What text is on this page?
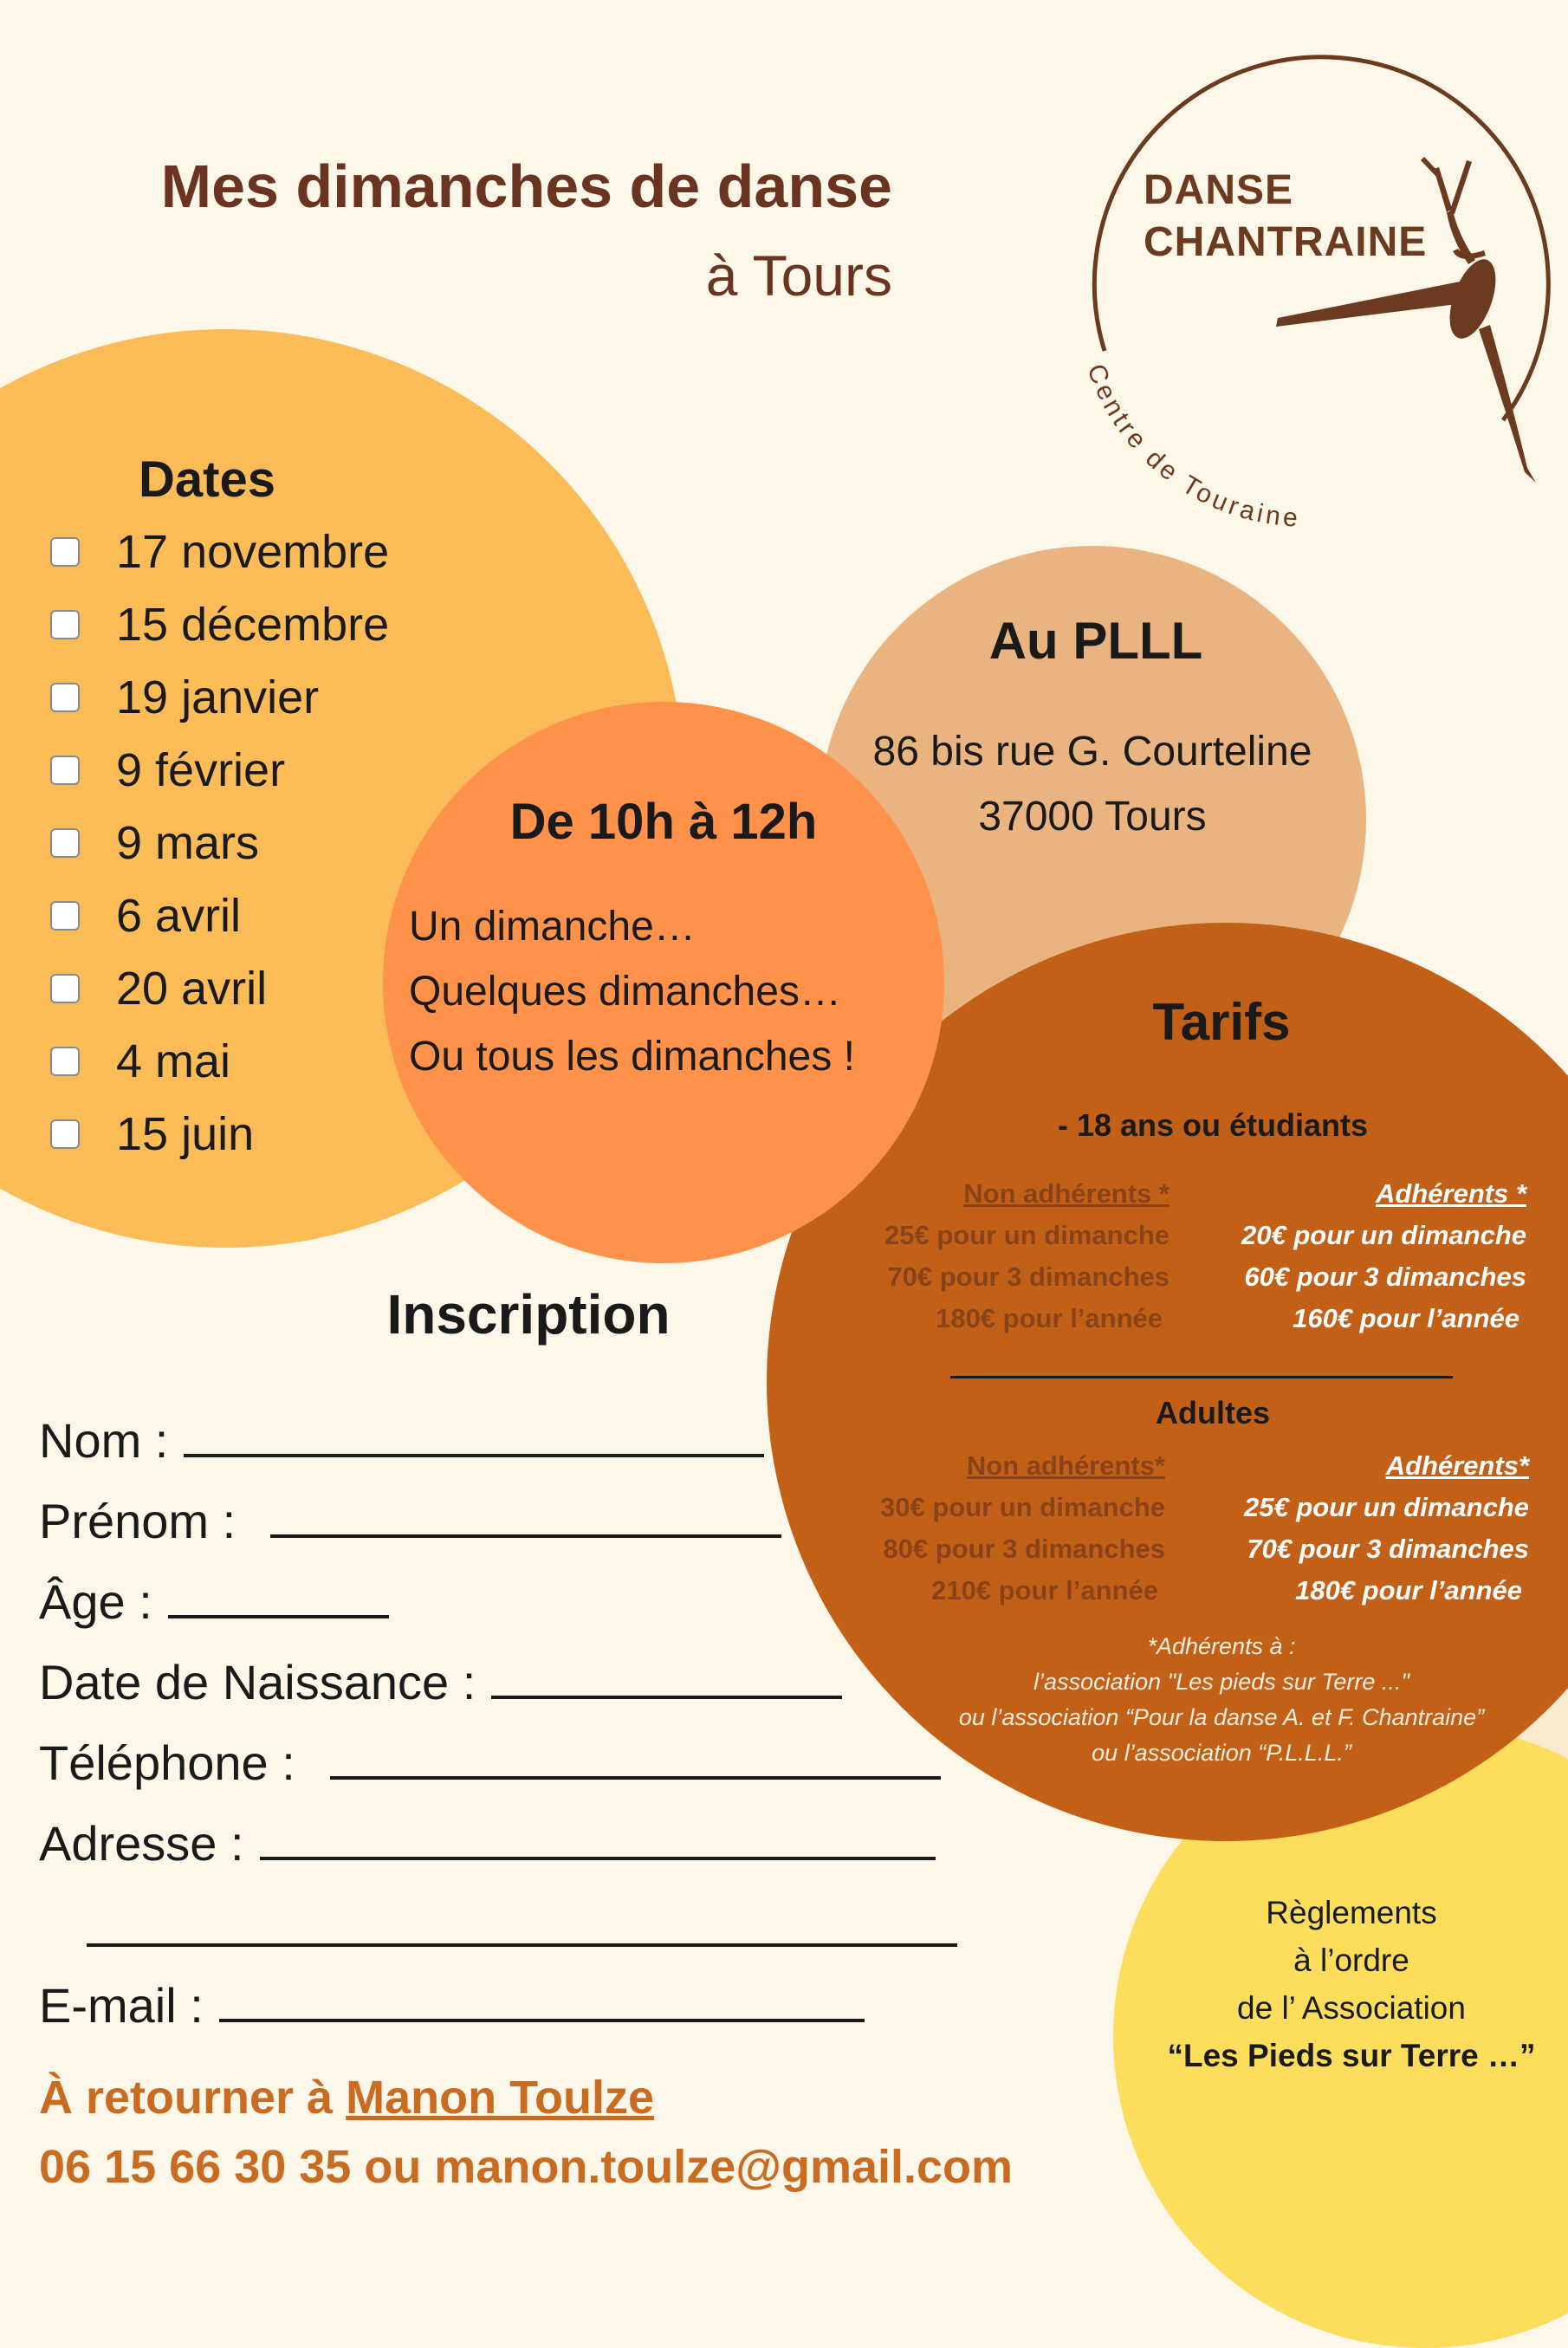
Mes dimanches de danse
à Tours
DANSE
CHANTRAINE
Centre de Touraine
Dates
17 novembre
15 décembre
19 janvier
9 février
9 mars
6 avril
20 avril
4 mai
15 juin
Au PLLL
86 bis rue G. Courteline
37000 Tours
De 10h à 12h
Un dimanche…
Quelques dimanches…
Ou tous les dimanches !
Tarifs
- 18 ans ou étudiants
Non adhérents *
25€ pour un dimanche
70€ pour 3 dimanches
180€ pour l’année
Adhérents *
20€ pour un dimanche
60€ pour 3 dimanches
160€ pour l’année
Adultes
Non adhérents*
30€ pour un dimanche
80€ pour 3 dimanches
210€ pour l’année
Adhérents*
25€ pour un dimanche
70€ pour 3 dimanches
180€ pour l’année
*Adhérents à :
l’association "Les pieds sur Terre ..."
ou l’association “Pour la danse A. et F. Chantraine”
ou l’association “P.L.L.L.”
Règlements
à l’ordre
de l’ Association
“Les Pieds sur Terre …”
Inscription
Nom :
Prénom :
Âge :
Date de Naissance :
Téléphone :
Adresse :
E-mail :
À retourner à Manon Toulze
06 15 66 30 35 ou manon.toulze@gmail.com
